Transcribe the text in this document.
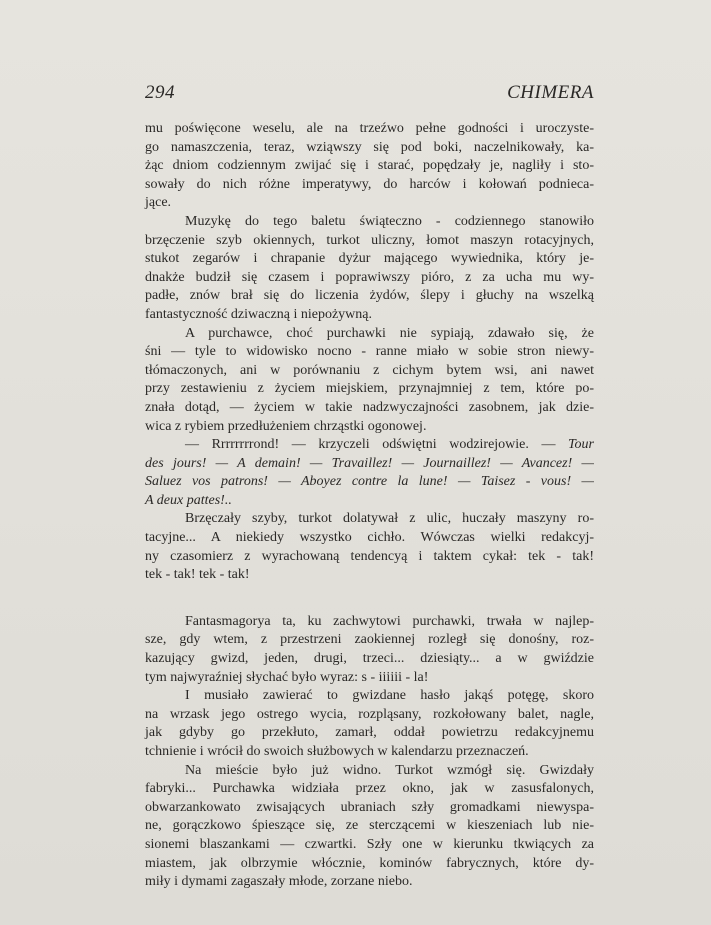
294	CHIMERA

mu poświęcone weselu, ale na trzeźwo pełne godności i uroczyste-
go namaszczenia, teraz, wziąwszy się pod boki, naczelnikowały, ka-
żąc dniom codziennym zwijać się i starać, popędzały je, nagliły i sto-
sowały do nich różne imperatywy, do harców i kołowań podnieca-
jące.

Muzykę do tego baletu świąteczno - codziennego stanowiło
brzęczenie szyb okiennych, turkot uliczny, łomot maszyn rotacyjnych,
stukot zegarów i chrapanie dyżur mającego wywiednika, który je-
dnakże budził się czasem i poprawiwszy pióro, z za ucha mu wy-
padłe, znów brał się do liczenia żydów, ślepy i głuchy na wszelką
fantastyczność dziwaczną i niepożywną.

A purchawce, choć purchawki nie sypiają, zdawało się, że
śni — tyle to widowisko nocno - ranne miało w sobie stron niewy-
tłómaczonych, ani w porównaniu z cichym bytem wsi, ani nawet
przy zestawieniu z życiem miejskiem, przynajmniej z tem, które po-
znała dotąd, — życiem w takie nadzwyczajności zasobnem, jak dzie-
wica z rybiem przedłużeniem chrząstki ogonowej.

— Rrrrrrrrond! — krzyczeli odświętni wodzirejowie. — Tour
des jours! — A demain! — Travaillez! — Journaillez! — Avancez! —
Saluez vos patrons! — Aboyez contre la lune! — Taisez - vous! —
A deux pattes!..

Brzęczały szyby, turkot dolatywał z ulic, huczały maszyny ro-
tacyjne... A niekiedy wszystko cichło. Wówczas wielki redakcyj-
ny czasomierz z wyrachowaną tendencyą i taktem cykał: tek - tak!
tek - tak! tek - tak!

Fantasmagorya ta, ku zachwytowi purchawki, trwała w najlep-
sze, gdy wtem, z przestrzeni zaokiennej rozległ się donośny, roz-
kazujący gwizd, jeden, drugi, trzeci... dziesiąty... a w gwiździe
tym najwyraźniej słychać było wyraz: s - iiiiii - la!

I musiało zawierać to gwizdane hasło jakąś potęgę, skoro
na wrzask jego ostrego wycia, rozpląsany, rozkołowany balet, nagle,
jak gdyby go przekłuto, zamarł, oddał powietrzu redakcyjnemu
tchnienie i wrócił do swoich służbowych w kalendarzu przeznaczeń.

Na mieście było już widno. Turkot wzmógł się. Gwizdały
fabryki... Purchawka widziała przez okno, jak w zasusfalonych,
obwarzankowato zwisających ubraniach szły gromadkami niewyspa-
ne, gorączkowo śpieszące się, ze sterczącemi w kieszeniach lub nie-
sionemi blaszankami — czwartki. Szły one w kierunku tkwiących za
miastem, jak olbrzymie włócznie, kominów fabrycznych, które dy-
miły i dymami zagaszały młode, zorzane niebo.
